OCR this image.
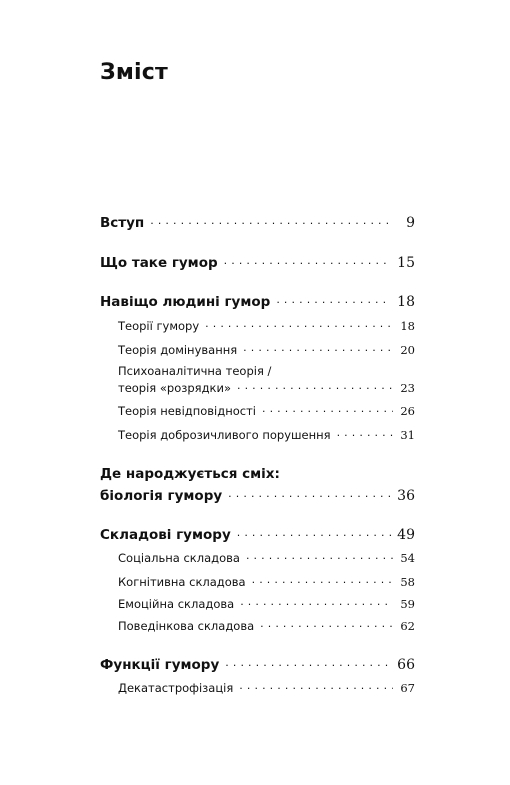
Зміст
Вступ . . .	9
Що таке гумор . . .	15
Навіщо людині гумор . . .	18
Теорії гумору . . .	18
Теорія домінування . . .	20
Психоаналітична теорія /
теорія «розрядки» . . .	23
Теорія невідповідності . . .	26
Теорія доброзичливого порушення . . .	31
Де народжується сміх:
біологія гумору . . .	36
Складові гумору . . .	49
Соціальна складова . . .	54
Когнітивна складова . . .	58
Емоційна складова . . .	59
Поведінкова складова . . .	62
Функції гумору . . .	66
Декатастрофізація . . .	67
